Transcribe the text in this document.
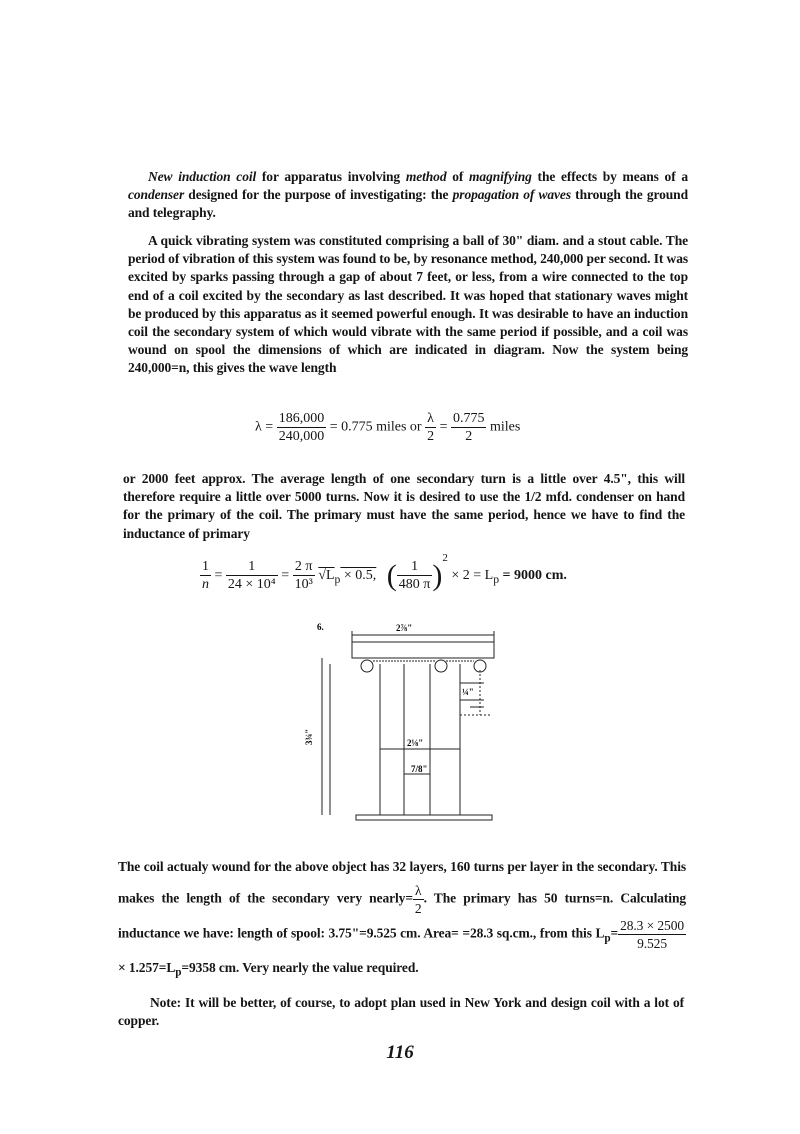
New induction coil for apparatus involving method of magnifying the effects by means of a condenser designed for the purpose of investigating: the propagation of waves through the ground and telegraphy.

A quick vibrating system was constituted comprising a ball of 30" diam. and a stout cable. The period of vibration of this system was found to be, by resonance method, 240,000 per second. It was excited by sparks passing through a gap of about 7 feet, or less, from a wire connected to the top end of a coil excited by the secondary as last described. It was hoped that stationary waves might be produced by this apparatus as it seemed powerful enough. It was desirable to have an induction coil the secondary system of which would vibrate with the same period if possible, and a coil was wound on spool the dimensions of which are indicated in diagram. Now the system being 240,000=n, this gives the wave length

$\lambda = \frac{186,000}{240,000} = 0.775$ miles or $\frac{\lambda}{2} = \frac{0.775}{2}$ miles

or 2000 feet approx. The average length of one secondary turn is a little over 4.5", this will therefore require a little over 5000 turns. Now it is desired to use the 1/2 mfd. condenser on hand for the primary of the coil. The primary must have the same period, hence we have to find the inductance of primary

$\frac{1}{n} = \frac{1}{\text{24 × 10⁴}} = \frac{2 \pi}{\text{10³}} √L_p \times 0.5$, ( $\frac{1}{480 \pi} )^2 \times 2 = L_p = 9000$ cm.
6.	2⅞"
¼"
3¾"	2⅛"
7/8"

The coil actualy wound for the above object has 32 layers, 160 turns per layer in the secondary. This makes the length of the secondary very nearly= $\frac{\lambda}{2}$ . The primary has 50 turns=n. Calculating inductance we have: length of spool: 3.75"=9.525 cm. Area= =28.3 sq.cm., from this $L_p= \frac{28.3 \times 2500}{9.525}$
× $1.257=L_p=9358$ cm. Very nearly the value required.

Note: It will be better, of course, to adopt plan used in New York and design coil with a lot of copper.

116
